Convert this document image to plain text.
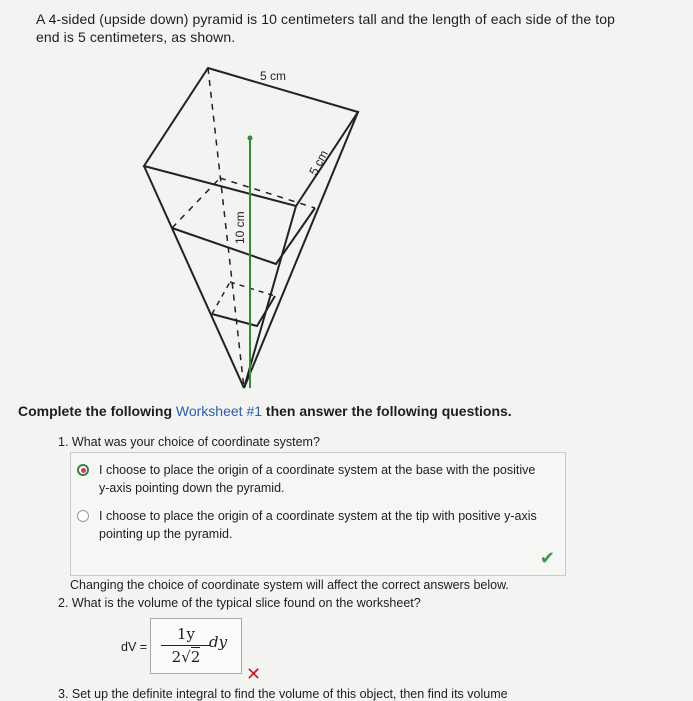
A 4-sided (upside down) pyramid is 10 centimeters tall and the length of each side of the top end is 5 centimeters, as shown.
5 cm
5 cm
10 cm
Complete the following Worksheet #1 then answer the following questions.
1. What was your choice of coordinate system?
I choose to place the origin of a coordinate system at the base with the positive y-axis pointing down the pyramid.
I choose to place the origin of a coordinate system at the tip with positive y-axis pointing up the pyramid.
✔
Changing the choice of coordinate system will affect the correct answers below.
2. What is the volume of the typical slice found on the worksheet?
dV =
1y
2√2
dy
✕
3. Set up the definite integral to find the volume of this object, then find its volume
